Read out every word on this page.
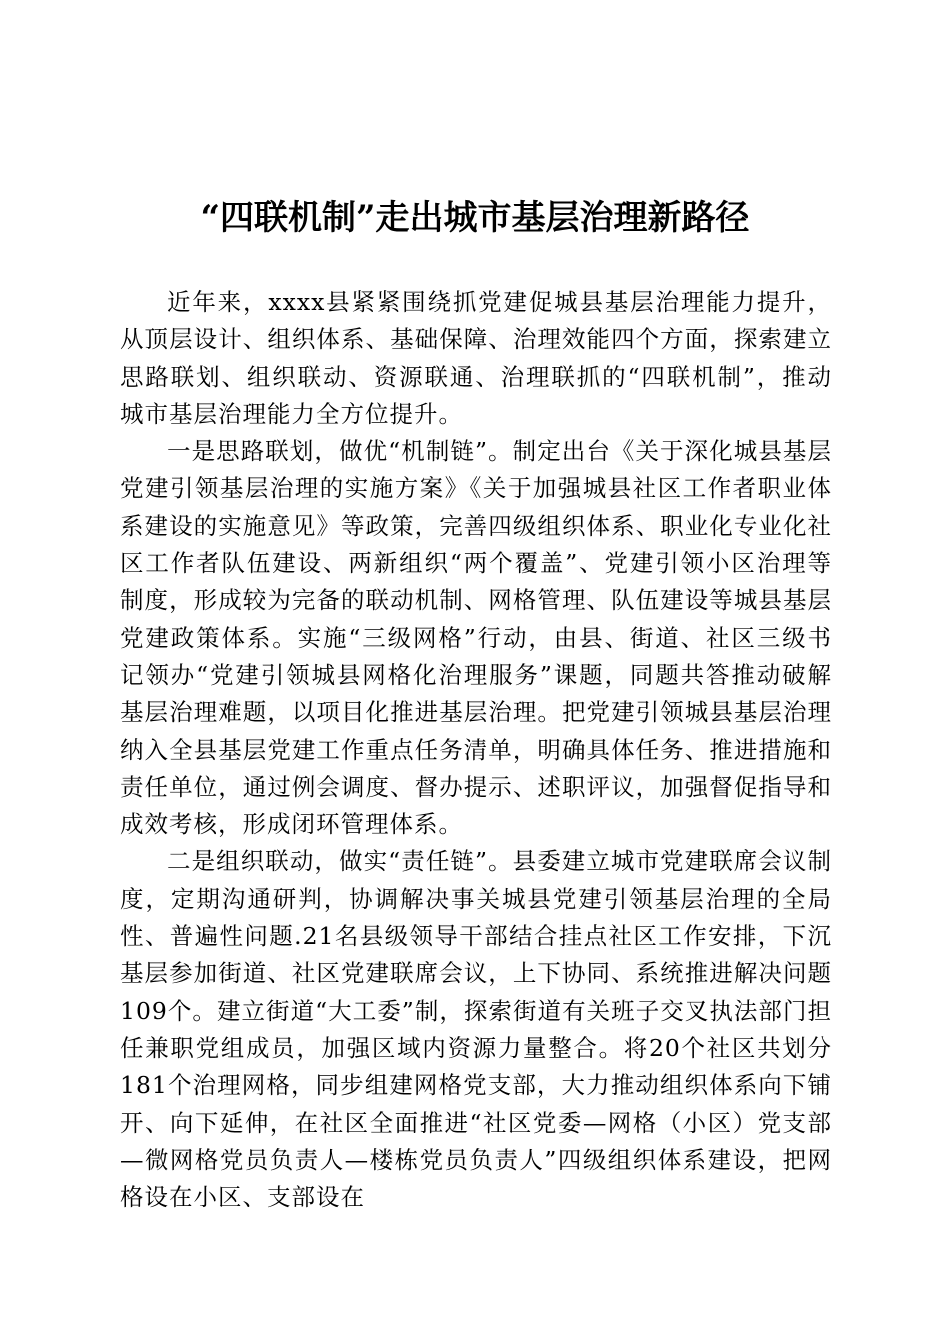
“四联机制”走出城市基层治理新路径

近年来，xxxx县紧紧围绕抓党建促城县基层治理能力提升，从顶层设计、组织体系、基础保障、治理效能四个方面，探索建立思路联划、组织联动、资源联通、治理联抓的“四联机制”，推动城市基层治理能力全方位提升。

一是思路联划，做优“机制链”。制定出台《关于深化城县基层党建引领基层治理的实施方案》《关于加强城县社区工作者职业体系建设的实施意见》等政策，完善四级组织体系、职业化专业化社区工作者队伍建设、两新组织“两个覆盖”、党建引领小区治理等制度，形成较为完备的联动机制、网格管理、队伍建设等城县基层党建政策体系。实施“三级网格”行动，由县、街道、社区三级书记领办“党建引领城县网格化治理服务”课题，同题共答推动破解基层治理难题，以项目化推进基层治理。把党建引领城县基层治理纳入全县基层党建工作重点任务清单，明确具体任务、推进措施和责任单位，通过例会调度、督办提示、述职评议，加强督促指导和成效考核，形成闭环管理体系。

二是组织联动，做实“责任链”。县委建立城市党建联席会议制度，定期沟通研判，协调解决事关城县党建引领基层治理的全局性、普遍性问题.21名县级领导干部结合挂点社区工作安排，下沉基层参加街道、社区党建联席会议，上下协同、系统推进解决问题109个。建立街道“大工委”制，探索街道有关班子交叉执法部门担任兼职党组成员，加强区域内资源力量整合。将20个社区共划分181个治理网格，同步组建网格党支部，大力推动组织体系向下铺开、向下延伸，在社区全面推进“社区党委—网格（小区）党支部—微网格党员负责人—楼栋党员负责人”四级组织体系建设，把网格设在小区、支部设在
